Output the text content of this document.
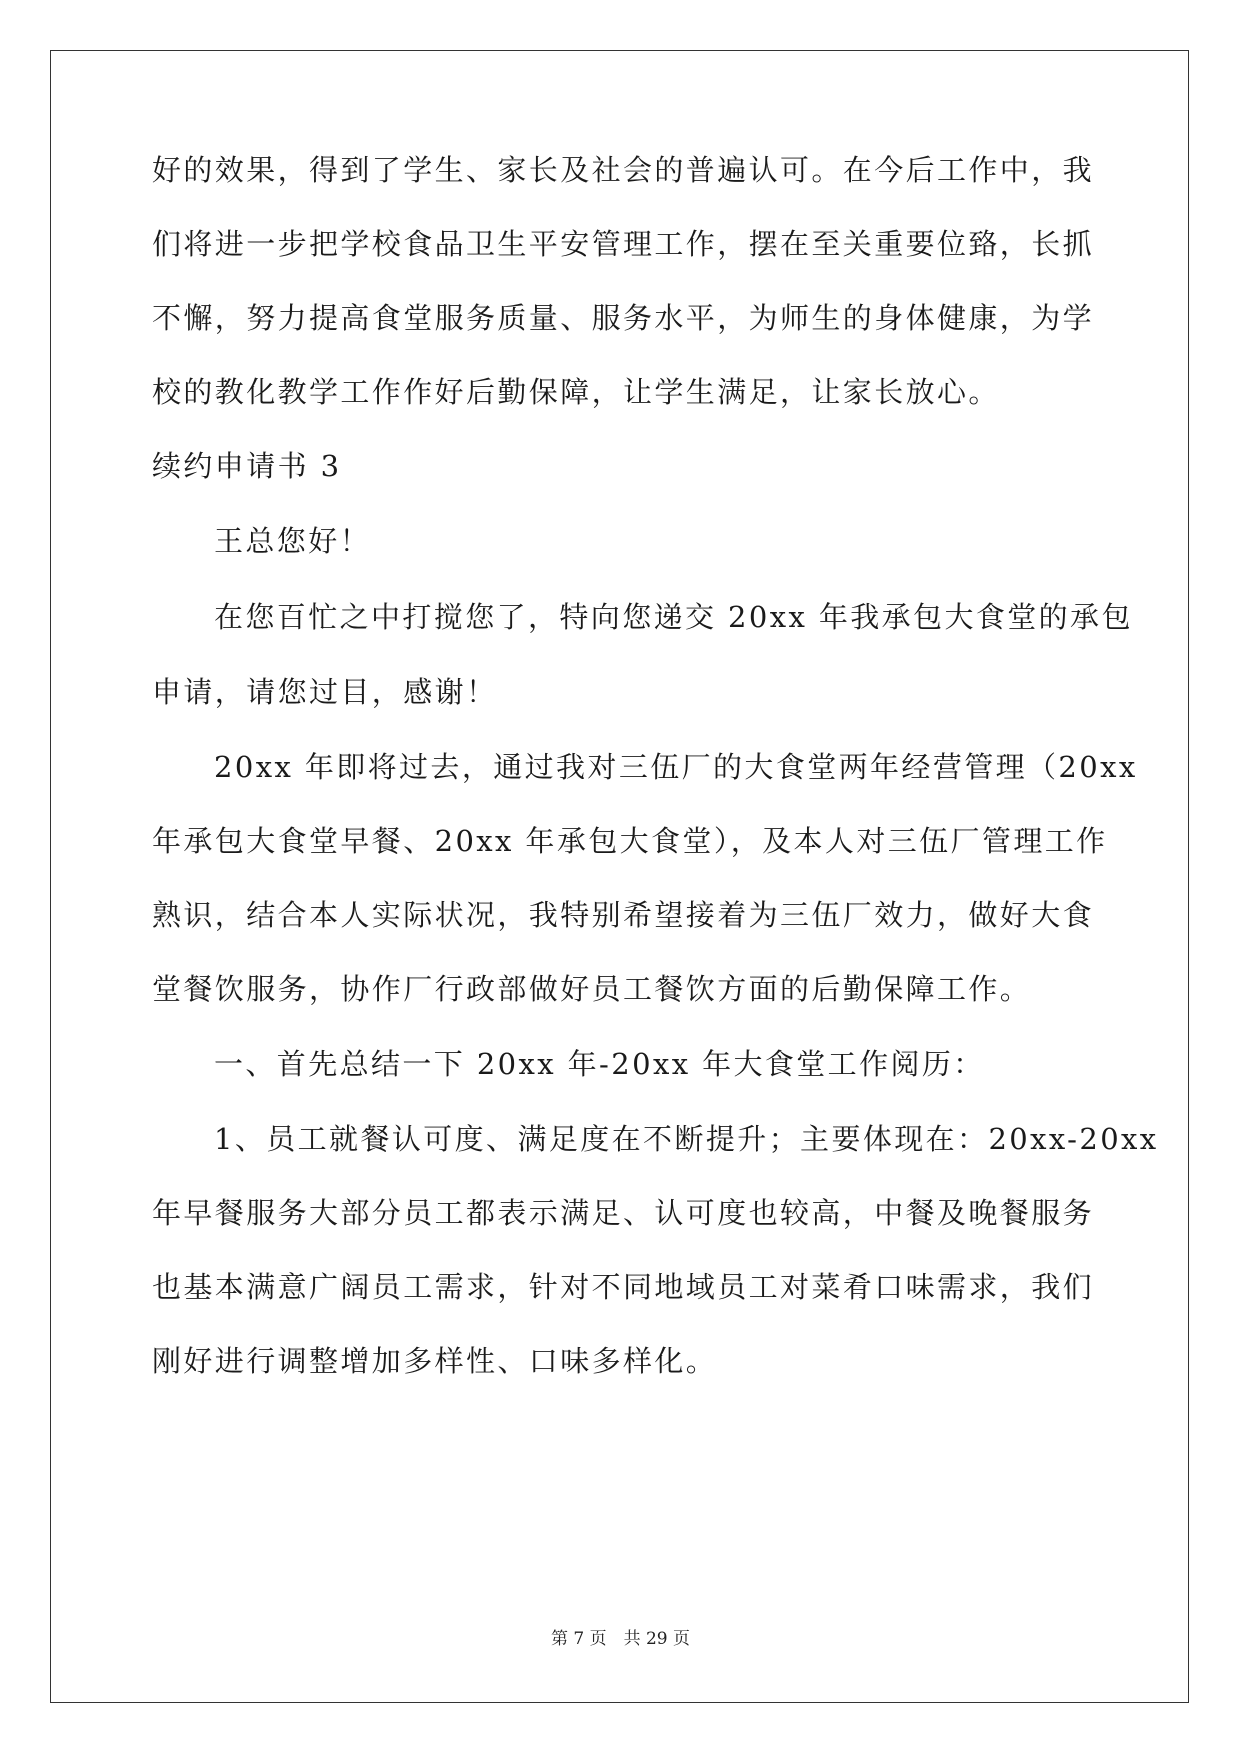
好的效果，得到了学生、家长及社会的普遍认可。在今后工作中，我
们将进一步把学校食品卫生平安管理工作，摆在至关重要位臵，长抓
不懈，努力提高食堂服务质量、服务水平，为师生的身体健康，为学
校的教化教学工作作好后勤保障，让学生满足，让家长放心。
续约申请书 3
王总您好！
在您百忙之中打搅您了，特向您递交 20xx 年我承包大食堂的承包
申请，请您过目，感谢！
20xx 年即将过去，通过我对三伍厂的大食堂两年经营管理（20xx
年承包大食堂早餐、20xx 年承包大食堂），及本人对三伍厂管理工作
熟识，结合本人实际状况，我特别希望接着为三伍厂效力，做好大食
堂餐饮服务，协作厂行政部做好员工餐饮方面的后勤保障工作。
一、首先总结一下 20xx 年-20xx 年大食堂工作阅历：
1、员工就餐认可度、满足度在不断提升；主要体现在：20xx-20xx
年早餐服务大部分员工都表示满足、认可度也较高，中餐及晚餐服务
也基本满意广阔员工需求，针对不同地域员工对菜肴口味需求，我们
刚好进行调整增加多样性、口味多样化。
第 7 页　共 29 页
